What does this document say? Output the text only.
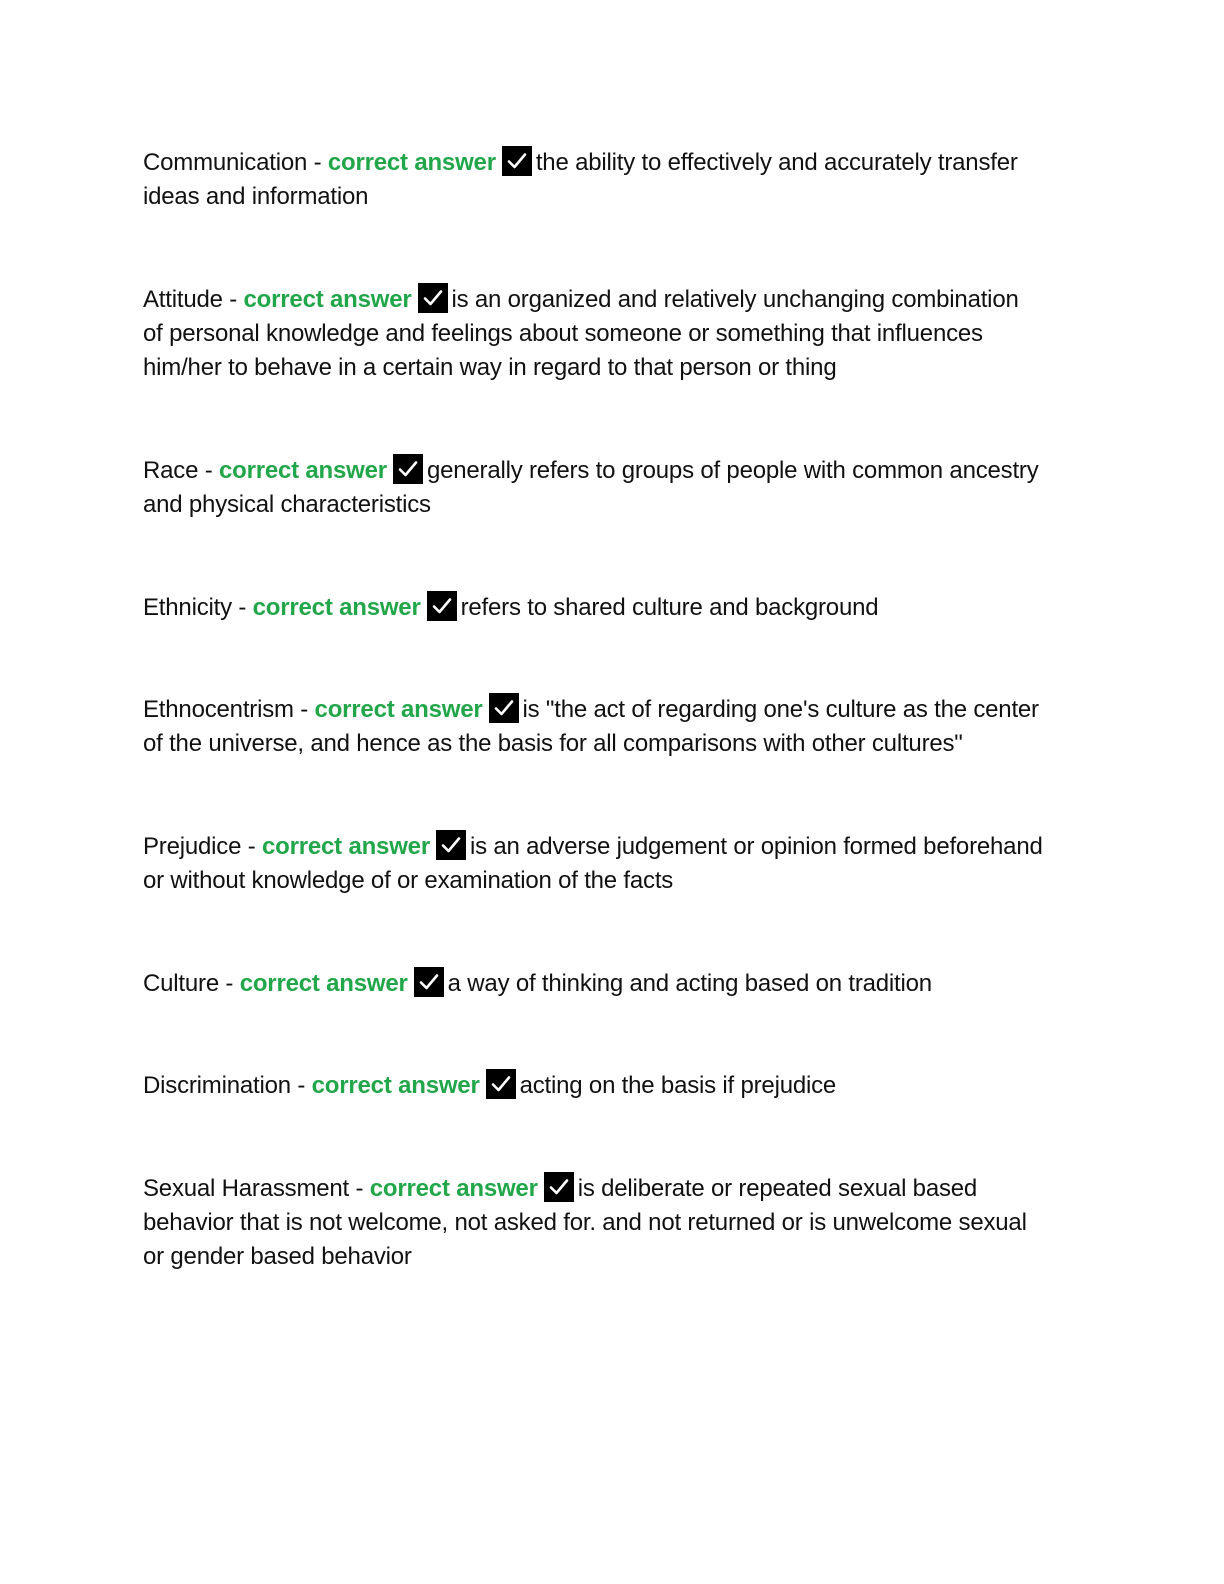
Communication - correct answer the ability to effectively and accurately transfer ideas and information

Attitude - correct answer is an organized and relatively unchanging combination of personal knowledge and feelings about someone or something that influences him/her to behave in a certain way in regard to that person or thing

Race - correct answer generally refers to groups of people with common ancestry and physical characteristics

Ethnicity - correct answer refers to shared culture and background

Ethnocentrism - correct answer is "the act of regarding one's culture as the center of the universe, and hence as the basis for all comparisons with other cultures"

Prejudice - correct answer is an adverse judgement or opinion formed beforehand or without knowledge of or examination of the facts

Culture - correct answer a way of thinking and acting based on tradition

Discrimination - correct answer acting on the basis if prejudice

Sexual Harassment - correct answer is deliberate or repeated sexual based behavior that is not welcome, not asked for. and not returned or is unwelcome sexual or gender based behavior
